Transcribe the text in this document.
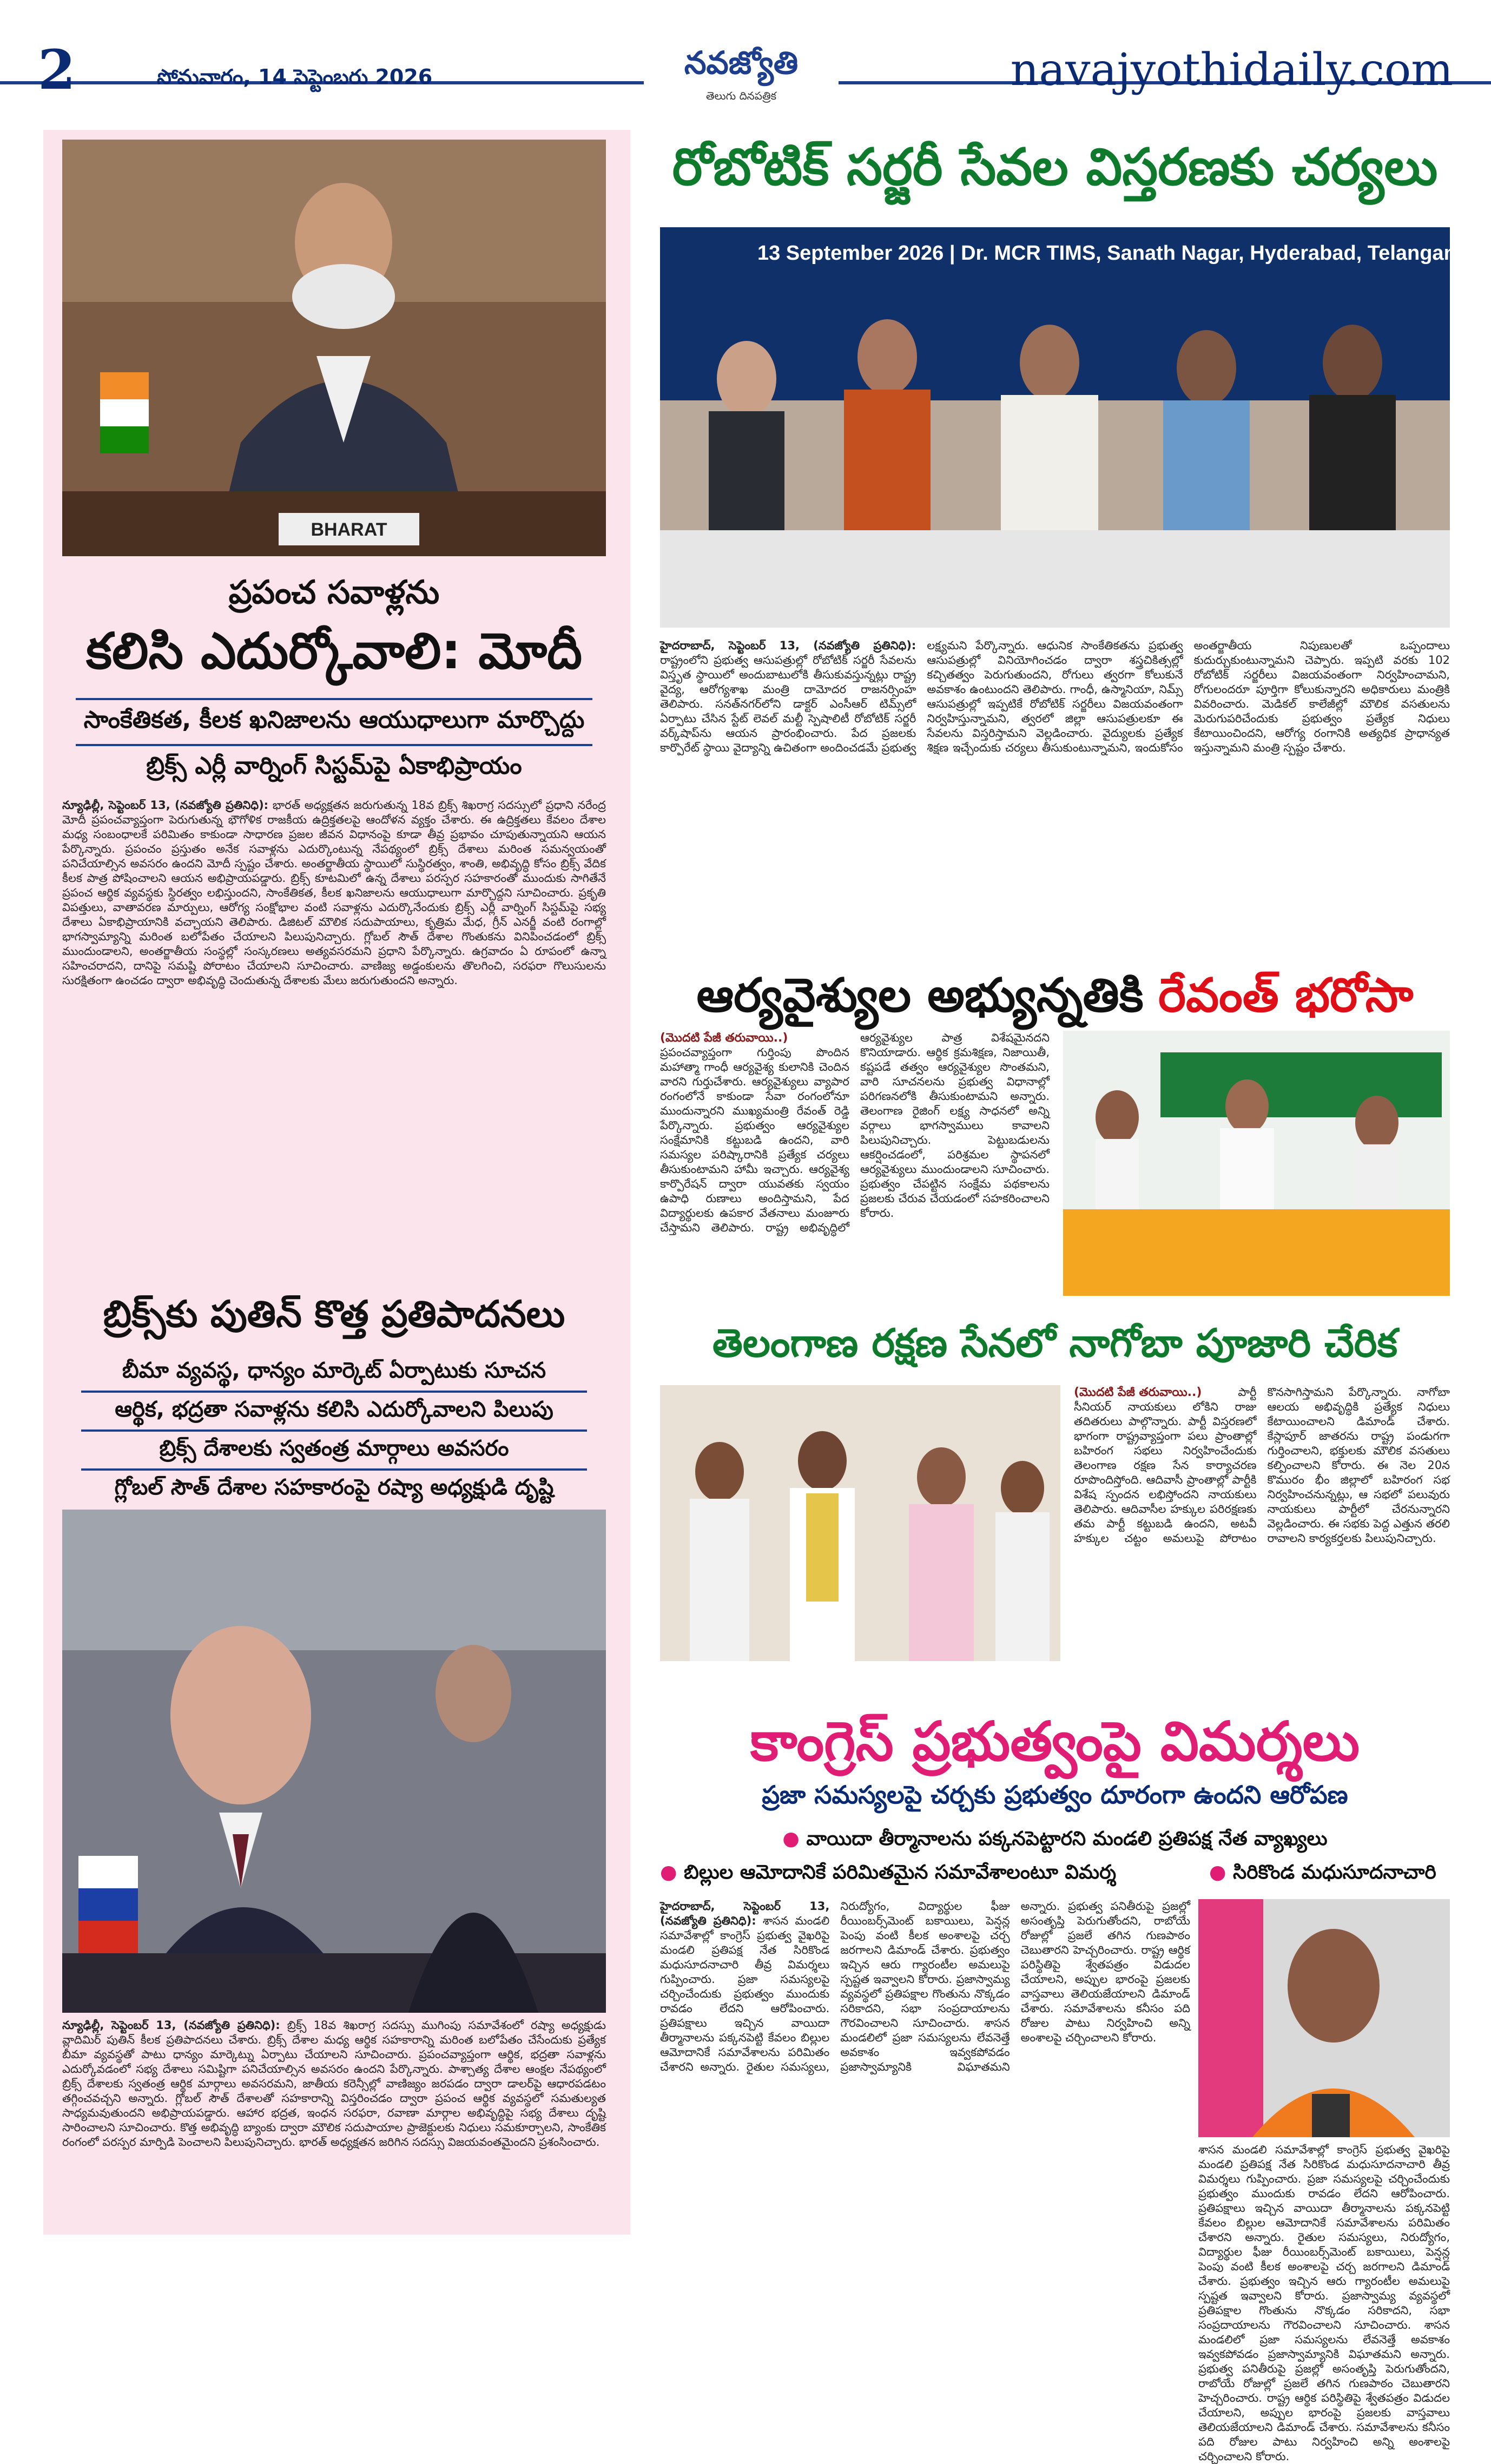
2	సోమవారం, 14 సెప్టెంబరు 2026	నవజ్యోతి
తెలుగు దినపత్రిక	navajyothidaily.com
BHARAT
ప్రపంచ సవాళ్లను
కలిసి ఎదుర్కోవాలి: మోదీ
సాంకేతికత, కీలక ఖనిజాలను ఆయుధాలుగా మార్చొద్దు
బ్రిక్స్ ఎర్లీ వార్నింగ్ సిస్టమ్‌పై ఏకాభిప్రాయం
న్యూఢిల్లీ, సెప్టెంబర్ 13, (నవజ్యోతి ప్రతినిధి): భారత్ అధ్యక్షతన జరుగుతున్న 18వ బ్రిక్స్ శిఖరాగ్ర సదస్సులో ప్రధాని నరేంద్ర మోదీ ప్రపంచవ్యాప్తంగా పెరుగుతున్న భౌగోళిక రాజకీయ ఉద్రిక్తతలపై ఆందోళన వ్యక్తం చేశారు. ఈ ఉద్రిక్తతలు కేవలం దేశాల మధ్య సంబంధాలకే పరిమితం కాకుండా సాధారణ ప్రజల జీవన విధానంపై కూడా తీవ్ర ప్రభావం చూపుతున్నాయని ఆయన పేర్కొన్నారు. ప్రపంచం ప్రస్తుతం అనేక సవాళ్లను ఎదుర్కొంటున్న నేపథ్యంలో బ్రిక్స్ దేశాలు మరింత సమన్వయంతో పనిచేయాల్సిన అవసరం ఉందని మోదీ స్పష్టం చేశారు. అంతర్జాతీయ స్థాయిలో సుస్థిరత్వం, శాంతి, అభివృద్ధి కోసం బ్రిక్స్ వేదిక కీలక పాత్ర పోషించాలని ఆయన అభిప్రాయపడ్డారు. బ్రిక్స్ కూటమిలో ఉన్న దేశాలు పరస్పర సహకారంతో ముందుకు సాగితేనే ప్రపంచ ఆర్థిక వ్యవస్థకు స్థిరత్వం లభిస్తుందని, సాంకేతికత, కీలక ఖనిజాలను ఆయుధాలుగా మార్చొద్దని సూచించారు. ప్రకృతి విపత్తులు, వాతావరణ మార్పులు, ఆరోగ్య సంక్షోభాల వంటి సవాళ్లను ఎదుర్కొనేందుకు బ్రిక్స్ ఎర్లీ వార్నింగ్ సిస్టమ్‌పై సభ్య దేశాలు ఏకాభిప్రాయానికి వచ్చాయని తెలిపారు. డిజిటల్ మౌలిక సదుపాయాలు, కృత్రిమ మేధ, గ్రీన్ ఎనర్జీ వంటి రంగాల్లో భాగస్వామ్యాన్ని మరింత బలోపేతం చేయాలని పిలుపునిచ్చారు. గ్లోబల్ సౌత్ దేశాల గొంతుకను వినిపించడంలో బ్రిక్స్ ముందుండాలని, అంతర్జాతీయ సంస్థల్లో సంస్కరణలు అత్యవసరమని ప్రధాని పేర్కొన్నారు. ఉగ్రవాదం ఏ రూపంలో ఉన్నా సహించరాదని, దానిపై సమష్టి పోరాటం చేయాలని సూచించారు. వాణిజ్య అడ్డంకులను తొలగించి, సరఫరా గొలుసులను సురక్షితంగా ఉంచడం ద్వారా అభివృద్ధి చెందుతున్న దేశాలకు మేలు జరుగుతుందని అన్నారు.
బ్రిక్స్‌కు పుతిన్ కొత్త ప్రతిపాదనలు
బీమా వ్యవస్థ, ధాన్యం మార్కెట్ ఏర్పాటుకు సూచన
ఆర్థిక, భద్రతా సవాళ్లను కలిసి ఎదుర్కోవాలని పిలుపు
బ్రిక్స్ దేశాలకు స్వతంత్ర మార్గాలు అవసరం
గ్లోబల్ సౌత్ దేశాల సహకారంపై రష్యా అధ్యక్షుడి దృష్టి
న్యూఢిల్లీ, సెప్టెంబర్ 13, (నవజ్యోతి ప్రతినిధి): బ్రిక్స్ 18వ శిఖరాగ్ర సదస్సు ముగింపు సమావేశంలో రష్యా అధ్యక్షుడు వ్లాదిమిర్ పుతిన్ కీలక ప్రతిపాదనలు చేశారు. బ్రిక్స్ దేశాల మధ్య ఆర్థిక సహకారాన్ని మరింత బలోపేతం చేసేందుకు ప్రత్యేక బీమా వ్యవస్థతో పాటు ధాన్యం మార్కెట్ను ఏర్పాటు చేయాలని సూచించారు. ప్రపంచవ్యాప్తంగా ఆర్థిక, భద్రతా సవాళ్లను ఎదుర్కోవడంలో సభ్య దేశాలు సమిష్టిగా పనిచేయాల్సిన అవసరం ఉందని పేర్కొన్నారు. పాశ్చాత్య దేశాల ఆంక్షల నేపథ్యంలో బ్రిక్స్ దేశాలకు స్వతంత్ర ఆర్థిక మార్గాలు అవసరమని, జాతీయ కరెన్సీల్లో వాణిజ్యం జరపడం ద్వారా డాలర్‌పై ఆధారపడటం తగ్గించవచ్చని అన్నారు. గ్లోబల్ సౌత్ దేశాలతో సహకారాన్ని విస్తరించడం ద్వారా ప్రపంచ ఆర్థిక వ్యవస్థలో సమతుల్యత సాధ్యమవుతుందని అభిప్రాయపడ్డారు. ఆహార భద్రత, ఇంధన సరఫరా, రవాణా మార్గాల అభివృద్ధిపై సభ్య దేశాలు దృష్టి సారించాలని సూచించారు. కొత్త అభివృద్ధి బ్యాంకు ద్వారా మౌలిక సదుపాయాల ప్రాజెక్టులకు నిధులు సమకూర్చాలని, సాంకేతిక రంగంలో పరస్పర మార్పిడి పెంచాలని పిలుపునిచ్చారు. భారత్ అధ్యక్షతన జరిగిన సదస్సు విజయవంతమైందని ప్రశంసించారు.
రోబోటిక్ సర్జరీ సేవల విస్తరణకు చర్యలు
13 September 2026 | Dr. MCR TIMS, Sanath Nagar, Hyderabad, Telangana
హైదరాబాద్, సెప్టెంబర్ 13, (నవజ్యోతి ప్రతినిధి): రాష్ట్రంలోని ప్రభుత్వ ఆసుపత్రుల్లో రోబోటిక్ సర్జరీ సేవలను విస్తృత స్థాయిలో అందుబాటులోకి తీసుకువస్తున్నట్లు రాష్ట్ర వైద్య, ఆరోగ్యశాఖ మంత్రి దామోదర రాజనర్సింహ తెలిపారు. సనత్‌నగర్‌లోని డాక్టర్ ఎంసీఆర్ టిమ్స్‌లో ఏర్పాటు చేసిన స్టేట్ లెవల్ మల్టీ స్పెషాలిటీ రోబోటిక్ సర్జరీ వర్క్‌షాప్‌ను ఆయన ప్రారంభించారు. పేద ప్రజలకు కార్పొరేట్ స్థాయి వైద్యాన్ని ఉచితంగా అందించడమే ప్రభుత్వ లక్ష్యమని పేర్కొన్నారు. ఆధునిక సాంకేతికతను ప్రభుత్వ ఆసుపత్రుల్లో వినియోగించడం ద్వారా శస్త్రచికిత్సల్లో కచ్చితత్వం పెరుగుతుందని, రోగులు త్వరగా కోలుకునే అవకాశం ఉంటుందని తెలిపారు. గాంధీ, ఉస్మానియా, నిమ్స్ ఆసుపత్రుల్లో ఇప్పటికే రోబోటిక్ సర్జరీలు విజయవంతంగా నిర్వహిస్తున్నామని, త్వరలో జిల్లా ఆసుపత్రులకూ ఈ సేవలను విస్తరిస్తామని వెల్లడించారు. వైద్యులకు ప్రత్యేక శిక్షణ ఇచ్చేందుకు చర్యలు తీసుకుంటున్నామని, ఇందుకోసం అంతర్జాతీయ నిపుణులతో ఒప్పందాలు కుదుర్చుకుంటున్నామని చెప్పారు. ఇప్పటి వరకు 102 రోబోటిక్ సర్జరీలు విజయవంతంగా నిర్వహించామని, రోగులందరూ పూర్తిగా కోలుకున్నారని అధికారులు మంత్రికి వివరించారు. మెడికల్ కాలేజీల్లో మౌలిక వసతులను మెరుగుపరిచేందుకు ప్రభుత్వం ప్రత్యేక నిధులు కేటాయించిందని, ఆరోగ్య రంగానికి అత్యధిక ప్రాధాన్యత ఇస్తున్నామని మంత్రి స్పష్టం చేశారు.
ఆర్యవైశ్యుల అభ్యున్నతికి రేవంత్ భరోసా
(మొదటి పేజీ తరువాయి..) ప్రపంచవ్యాప్తంగా గుర్తింపు పొందిన మహాత్మా గాంధీ ఆర్యవైశ్య కులానికి చెందిన వారని గుర్తుచేశారు. ఆర్యవైశ్యులు వ్యాపార రంగంలోనే కాకుండా సేవా రంగంలోనూ ముందున్నారని ముఖ్యమంత్రి రేవంత్ రెడ్డి పేర్కొన్నారు. ప్రభుత్వం ఆర్యవైశ్యుల సంక్షేమానికి కట్టుబడి ఉందని, వారి సమస్యల పరిష్కారానికి ప్రత్యేక చర్యలు తీసుకుంటామని హామీ ఇచ్చారు. ఆర్యవైశ్య కార్పొరేషన్ ద్వారా యువతకు స్వయం ఉపాధి రుణాలు అందిస్తామని, పేద విద్యార్థులకు ఉపకార వేతనాలు మంజూరు చేస్తామని తెలిపారు. రాష్ట్ర అభివృద్ధిలో ఆర్యవైశ్యుల పాత్ర విశేషమైనదని కొనియాడారు. ఆర్థిక క్రమశిక్షణ, నిజాయితీ, కష్టపడే తత్వం ఆర్యవైశ్యుల సొంతమని, వారి సూచనలను ప్రభుత్వ విధానాల్లో పరిగణనలోకి తీసుకుంటామని అన్నారు. తెలంగాణ రైజింగ్ లక్ష్య సాధనలో అన్ని వర్గాలు భాగస్వాములు కావాలని పిలుపునిచ్చారు. పెట్టుబడులను ఆకర్షించడంలో, పరిశ్రమల స్థాపనలో ఆర్యవైశ్యులు ముందుండాలని సూచించారు. ప్రభుత్వం చేపట్టిన సంక్షేమ పథకాలను ప్రజలకు చేరువ చేయడంలో సహకరించాలని కోరారు.
తెలంగాణ రక్షణ సేనలో నాగోబా పూజారి చేరిక
(మొదటి పేజీ తరువాయి..)	పార్టీ సీనియర్ నాయకులు లోకిని రాజు తదితరులు పాల్గొన్నారు. పార్టీ విస్తరణలో భాగంగా రాష్ట్రవ్యాప్తంగా పలు ప్రాంతాల్లో బహిరంగ సభలు నిర్వహించేందుకు తెలంగాణ రక్షణ సేన కార్యాచరణ రూపొందిస్తోంది. ఆదివాసీ ప్రాంతాల్లో పార్టీకి విశేష స్పందన లభిస్తోందని నాయకులు తెలిపారు. ఆదివాసీల హక్కుల పరిరక్షణకు తమ పార్టీ కట్టుబడి ఉందని, అటవీ హక్కుల చట్టం అమలుపై పోరాటం కొనసాగిస్తామని పేర్కొన్నారు. నాగోబా ఆలయ అభివృద్ధికి ప్రత్యేక నిధులు కేటాయించాలని డిమాండ్ చేశారు. కేస్లాపూర్ జాతరను రాష్ట్ర పండుగగా గుర్తించాలని, భక్తులకు మౌలిక వసతులు కల్పించాలని కోరారు. ఈ నెల 20న కొమురం భీం జిల్లాలో బహిరంగ సభ నిర్వహించనున్నట్లు, ఆ సభలో పలువురు నాయకులు పార్టీలో చేరనున్నారని వెల్లడించారు. ఈ సభకు పెద్ద ఎత్తున తరలి రావాలని కార్యకర్తలకు పిలుపునిచ్చారు.
కాంగ్రెస్ ప్రభుత్వంపై విమర్శలు
ప్రజా సమస్యలపై చర్చకు ప్రభుత్వం దూరంగా ఉందని ఆరోపణ
● వాయిదా తీర్మానాలను పక్కనపెట్టారని మండలి ప్రతిపక్ష నేత వ్యాఖ్యలు
● బిల్లుల ఆమోదానికే పరిమితమైన సమావేశాలంటూ విమర్శ	● సిరికొండ మధుసూదనాచారి
హైదరాబాద్, సెప్టెంబర్ 13, (నవజ్యోతి ప్రతినిధి): శాసన మండలి సమావేశాల్లో కాంగ్రెస్ ప్రభుత్వ వైఖరిపై మండలి ప్రతిపక్ష నేత సిరికొండ మధుసూదనాచారి తీవ్ర విమర్శలు గుప్పించారు. ప్రజా సమస్యలపై చర్చించేందుకు ప్రభుత్వం ముందుకు రావడం లేదని ఆరోపించారు. ప్రతిపక్షాలు ఇచ్చిన వాయిదా తీర్మానాలను పక్కనపెట్టి కేవలం బిల్లుల ఆమోదానికే సమావేశాలను పరిమితం చేశారని అన్నారు. రైతుల సమస్యలు, నిరుద్యోగం, విద్యార్థుల ఫీజు రీయింబర్స్‌మెంట్ బకాయిలు, పెన్షన్ల పెంపు వంటి కీలక అంశాలపై చర్చ జరగాలని డిమాండ్ చేశారు. ప్రభుత్వం ఇచ్చిన ఆరు గ్యారంటీల అమలుపై స్పష్టత ఇవ్వాలని కోరారు. ప్రజాస్వామ్య వ్యవస్థలో ప్రతిపక్షాల గొంతును నొక్కడం సరికాదని, సభా సంప్రదాయాలను గౌరవించాలని సూచించారు. శాసన మండలిలో ప్రజా సమస్యలను లేవనెత్తే అవకాశం ఇవ్వకపోవడం ప్రజాస్వామ్యానికి విఘాతమని అన్నారు. ప్రభుత్వ పనితీరుపై ప్రజల్లో అసంతృప్తి పెరుగుతోందని, రాబోయే రోజుల్లో ప్రజలే తగిన గుణపాఠం చెబుతారని హెచ్చరించారు. రాష్ట్ర ఆర్థిక పరిస్థితిపై శ్వేతపత్రం విడుదల చేయాలని, అప్పుల భారంపై ప్రజలకు వాస్తవాలు తెలియజేయాలని డిమాండ్ చేశారు. సమావేశాలను కనీసం పది రోజుల పాటు నిర్వహించి అన్ని అంశాలపై చర్చించాలని కోరారు.
శాసన మండలి సమావేశాల్లో కాంగ్రెస్ ప్రభుత్వ వైఖరిపై మండలి ప్రతిపక్ష నేత సిరికొండ మధుసూదనాచారి తీవ్ర విమర్శలు గుప్పించారు. ప్రజా సమస్యలపై చర్చించేందుకు ప్రభుత్వం ముందుకు రావడం లేదని ఆరోపించారు. ప్రతిపక్షాలు ఇచ్చిన వాయిదా తీర్మానాలను పక్కనపెట్టి కేవలం బిల్లుల ఆమోదానికే సమావేశాలను పరిమితం చేశారని అన్నారు. రైతుల సమస్యలు, నిరుద్యోగం, విద్యార్థుల ఫీజు రీయింబర్స్‌మెంట్ బకాయిలు, పెన్షన్ల పెంపు వంటి కీలక అంశాలపై చర్చ జరగాలని డిమాండ్ చేశారు. ప్రభుత్వం ఇచ్చిన ఆరు గ్యారంటీల అమలుపై స్పష్టత ఇవ్వాలని కోరారు. ప్రజాస్వామ్య వ్యవస్థలో ప్రతిపక్షాల గొంతును నొక్కడం సరికాదని, సభా సంప్రదాయాలను గౌరవించాలని సూచించారు. శాసన మండలిలో ప్రజా సమస్యలను లేవనెత్తే అవకాశం ఇవ్వకపోవడం ప్రజాస్వామ్యానికి విఘాతమని అన్నారు. ప్రభుత్వ పనితీరుపై ప్రజల్లో అసంతృప్తి పెరుగుతోందని, రాబోయే రోజుల్లో ప్రజలే తగిన గుణపాఠం చెబుతారని హెచ్చరించారు. రాష్ట్ర ఆర్థిక పరిస్థితిపై శ్వేతపత్రం విడుదల చేయాలని, అప్పుల భారంపై ప్రజలకు వాస్తవాలు తెలియజేయాలని డిమాండ్ చేశారు. సమావేశాలను కనీసం పది రోజుల పాటు నిర్వహించి అన్ని అంశాలపై చర్చించాలని కోరారు.
